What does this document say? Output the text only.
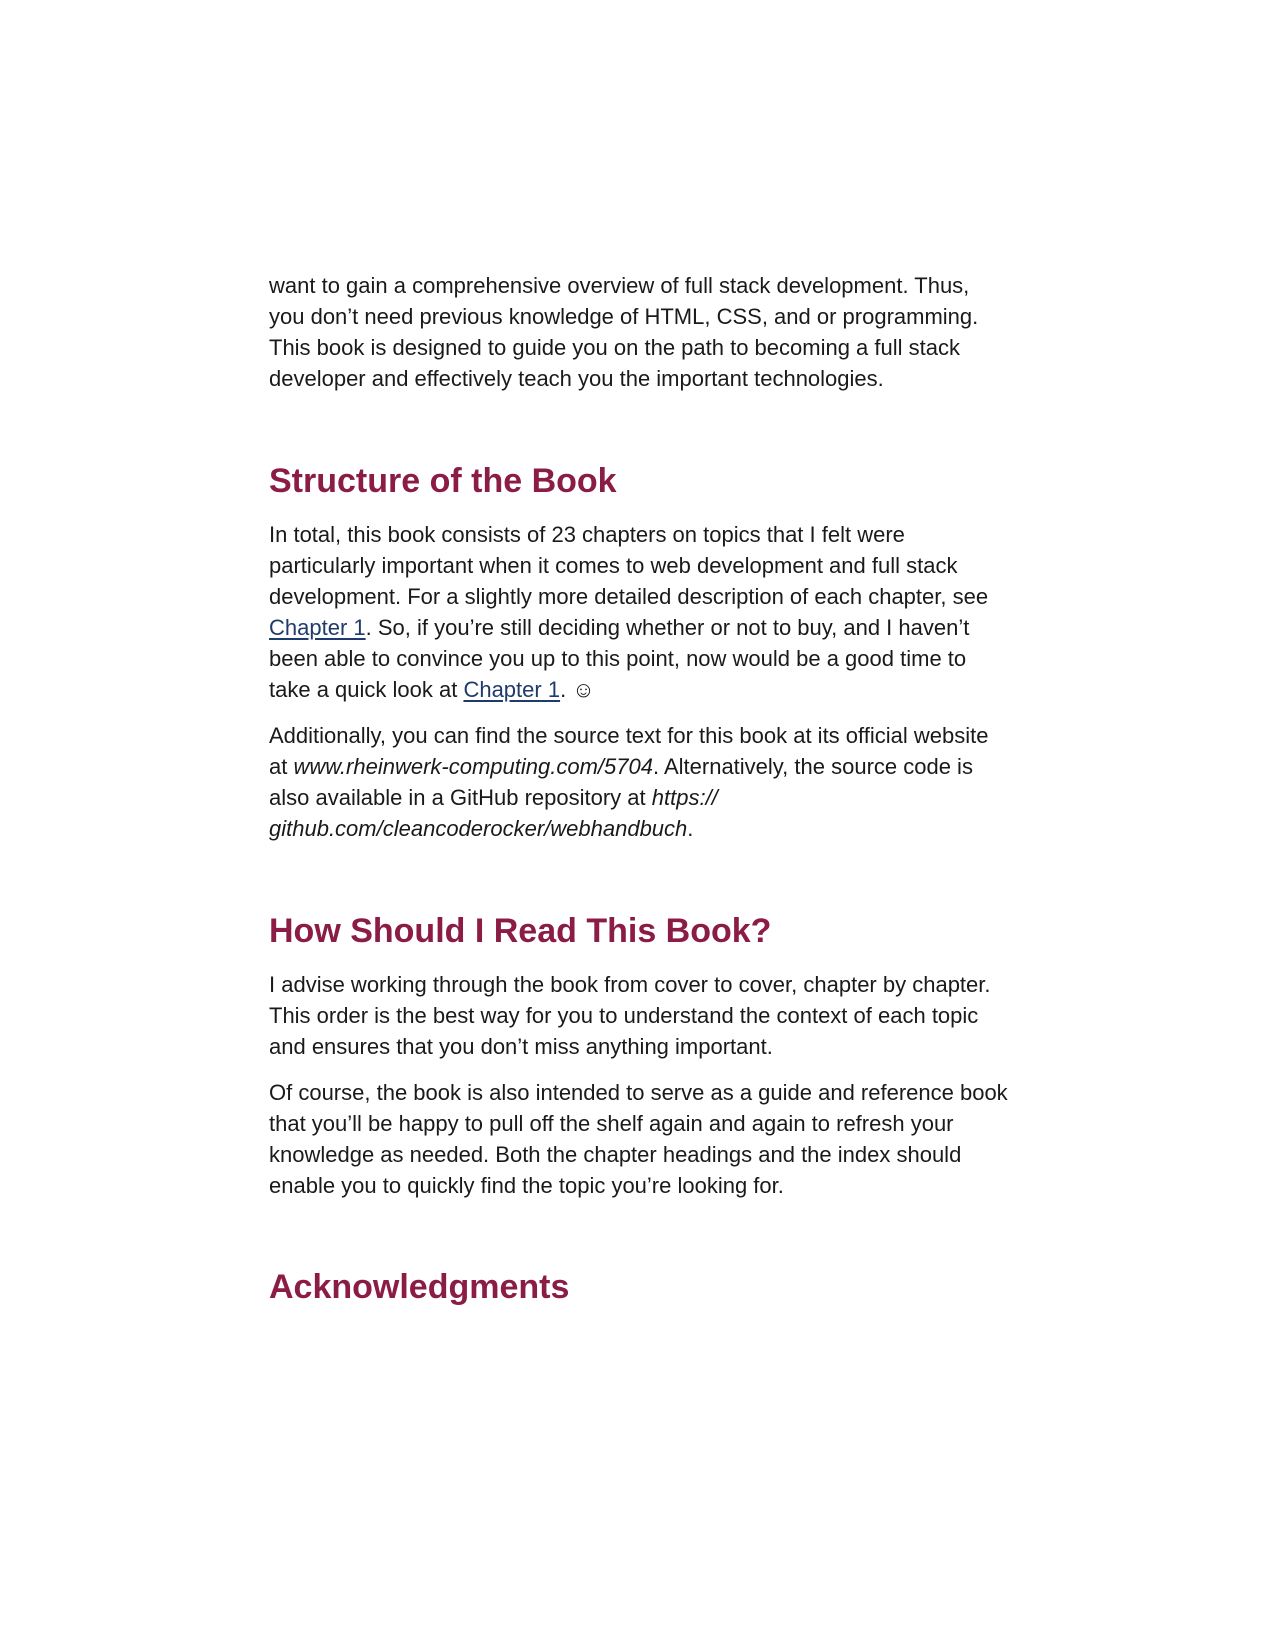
want to gain a comprehensive overview of full stack development. Thus, you don’t need previous knowledge of HTML, CSS, and or programming. This book is designed to guide you on the path to becoming a full stack developer and effectively teach you the important technologies.

Structure of the Book

In total, this book consists of 23 chapters on topics that I felt were particularly important when it comes to web development and full stack development. For a slightly more detailed description of each chapter, see Chapter 1. So, if you’re still deciding whether or not to buy, and I haven’t been able to convince you up to this point, now would be a good time to take a quick look at Chapter 1. ☺

Additionally, you can find the source text for this book at its official website at www.rheinwerk-computing.com/5704. Alternatively, the source code is also available in a GitHub repository at https:// github.com/cleancoderocker/webhandbuch.

How Should I Read This Book?

I advise working through the book from cover to cover, chapter by chapter. This order is the best way for you to understand the context of each topic and ensures that you don’t miss anything important.

Of course, the book is also intended to serve as a guide and reference book that you’ll be happy to pull off the shelf again and again to refresh your knowledge as needed. Both the chapter headings and the index should enable you to quickly find the topic you’re looking for.

Acknowledgments
